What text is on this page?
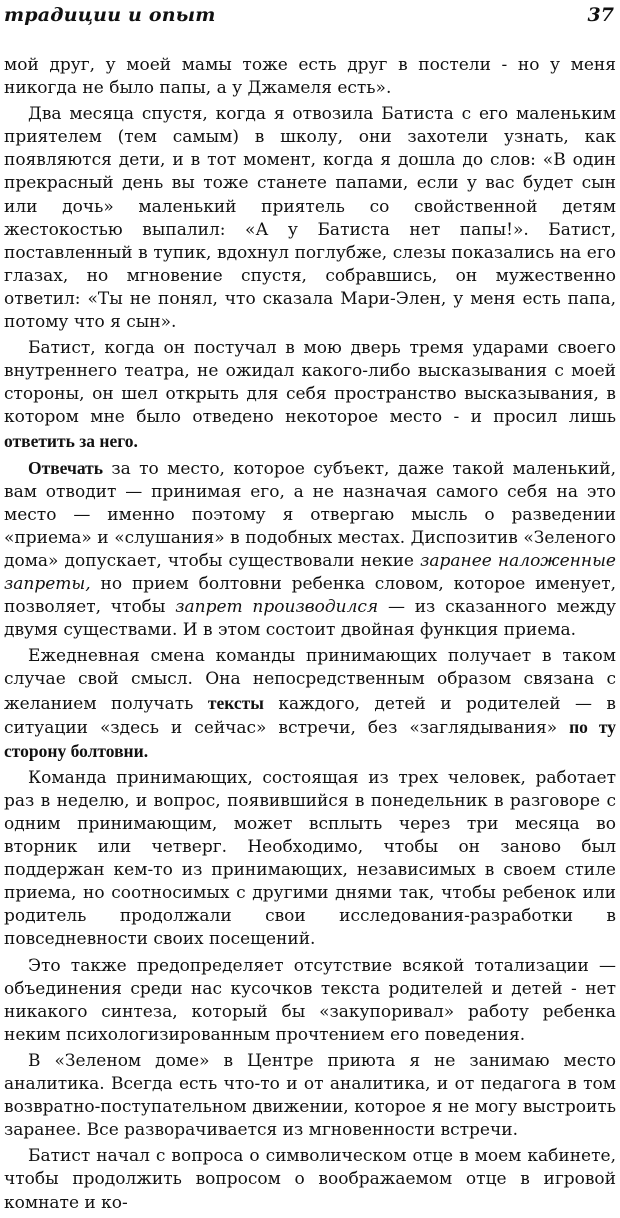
традиции и опыт	37

мой друг, у моей мамы тоже есть друг в постели - но у меня никогда не было папы, а у Джамеля есть».

Два месяца спустя, когда я отвозила Батиста с его маленьким приятелем (тем самым) в школу, они захотели узнать, как появляются дети, и в тот момент, когда я дошла до слов: «В один прекрасный день вы тоже станете папами, если у вас будет сын или дочь» маленький приятель со свойственной детям жестокостью выпалил: «А у Батиста нет папы!». Батист, поставленный в тупик, вдохнул поглубже, слезы показались на его глазах, но мгновение спустя, собравшись, он мужественно ответил: «Ты не понял, что сказала Мари-Элен, у меня есть папа, потому что я сын».

Батист, когда он постучал в мою дверь тремя ударами своего внутреннего театра, не ожидал какого-либо высказывания с моей стороны, он шел открыть для себя пространство высказывания, в котором мне было отведено некоторое место - и просил лишь ответить за него.

Отвечать за то место, которое субъект, даже такой маленький, вам отводит — принимая его, а не назначая самого себя на это место — именно поэтому я отвергаю мысль о разведении «приема» и «слушания» в подобных местах. Диспозитив «Зеленого дома» допускает, чтобы существовали некие заранее наложенные запреты, но прием болтовни ребенка словом, которое именует, позволяет, чтобы запрет производился — из сказанного между двумя существами. И в этом состоит двойная функция приема.

Ежедневная смена команды принимающих получает в таком случае свой смысл. Она непосредственным образом связана с желанием получать тексты каждого, детей и родителей — в ситуации «здесь и сейчас» встречи, без «заглядывания» по ту сторону болтовни.

Команда принимающих, состоящая из трех человек, работает раз в неделю, и вопрос, появившийся в понедельник в разговоре с одним принимающим, может всплыть через три месяца во вторник или четверг. Необходимо, чтобы он заново был поддержан кем-то из принимающих, независимых в своем стиле приема, но соотносимых с другими днями так, чтобы ребенок или родитель продолжали свои исследования-разработки в повседневности своих посещений.

Это также предопределяет отсутствие всякой тотализации — объединения среди нас кусочков текста родителей и детей - нет никакого синтеза, который бы «закупоривал» работу ребенка неким психологизированным прочтением его поведения.

В «Зеленом доме» в Центре приюта я не занимаю место аналитика. Всегда есть что-то и от аналитика, и от педагога в том возвратно-поступательном движении, которое я не могу выстроить заранее. Все разворачивается из мгновенности встречи.

Батист начал с вопроса о символическом отце в моем кабинете, чтобы продолжить вопросом о воображаемом отце в игровой комнате и ко-
